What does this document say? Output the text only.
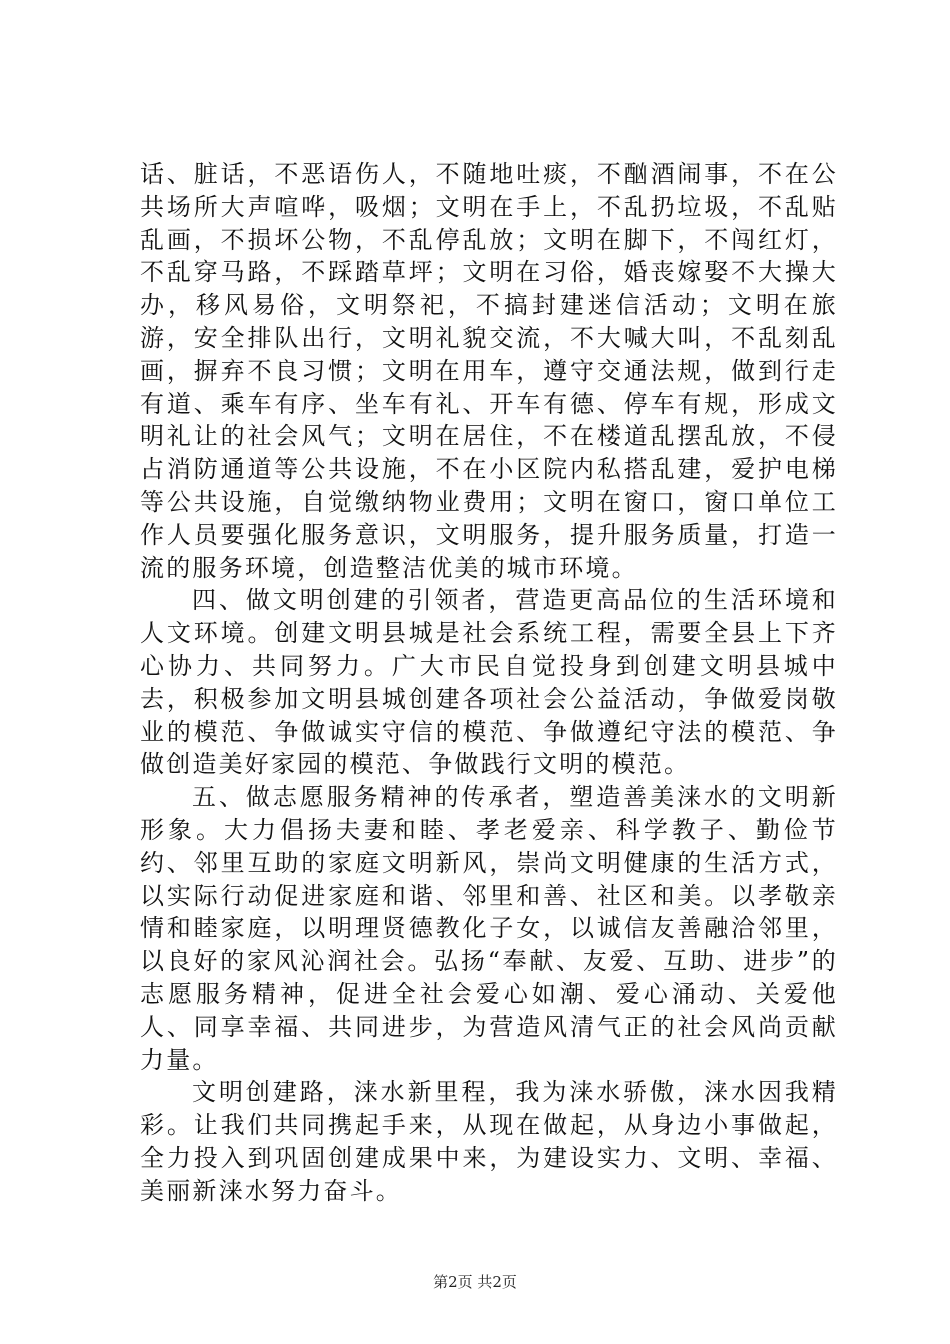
话、脏话，不恶语伤人，不随地吐痰，不酗酒闹事，不在公共场所大声喧哗，吸烟；文明在手上，不乱扔垃圾，不乱贴乱画，不损坏公物，不乱停乱放；文明在脚下，不闯红灯，不乱穿马路，不踩踏草坪；文明在习俗，婚丧嫁娶不大操大办，移风易俗，文明祭祀，不搞封建迷信活动；文明在旅游，安全排队出行，文明礼貌交流，不大喊大叫，不乱刻乱画，摒弃不良习惯；文明在用车，遵守交通法规，做到行走有道、乘车有序、坐车有礼、开车有德、停车有规，形成文明礼让的社会风气；文明在居住，不在楼道乱摆乱放，不侵占消防通道等公共设施，不在小区院内私搭乱建，爱护电梯等公共设施，自觉缴纳物业费用；文明在窗口，窗口单位工作人员要强化服务意识，文明服务，提升服务质量，打造一流的服务环境，创造整洁优美的城市环境。

四、做文明创建的引领者，营造更高品位的生活环境和人文环境。创建文明县城是社会系统工程，需要全县上下齐心协力、共同努力。广大市民自觉投身到创建文明县城中去，积极参加文明县城创建各项社会公益活动，争做爱岗敬业的模范、争做诚实守信的模范、争做遵纪守法的模范、争做创造美好家园的模范、争做践行文明的模范。

五、做志愿服务精神的传承者，塑造善美涞水的文明新形象。大力倡扬夫妻和睦、孝老爱亲、科学教子、勤俭节约、邻里互助的家庭文明新风，崇尚文明健康的生活方式，以实际行动促进家庭和谐、邻里和善、社区和美。以孝敬亲情和睦家庭，以明理贤德教化子女，以诚信友善融洽邻里，以良好的家风沁润社会。弘扬“奉献、友爱、互助、进步”的志愿服务精神，促进全社会爱心如潮、爱心涌动、关爱他人、同享幸福、共同进步，为营造风清气正的社会风尚贡献力量。

文明创建路，涞水新里程，我为涞水骄傲，涞水因我精彩。让我们共同携起手来，从现在做起，从身边小事做起，全力投入到巩固创建成果中来，为建设实力、文明、幸福、美丽新涞水努力奋斗。

第2页 共2页
